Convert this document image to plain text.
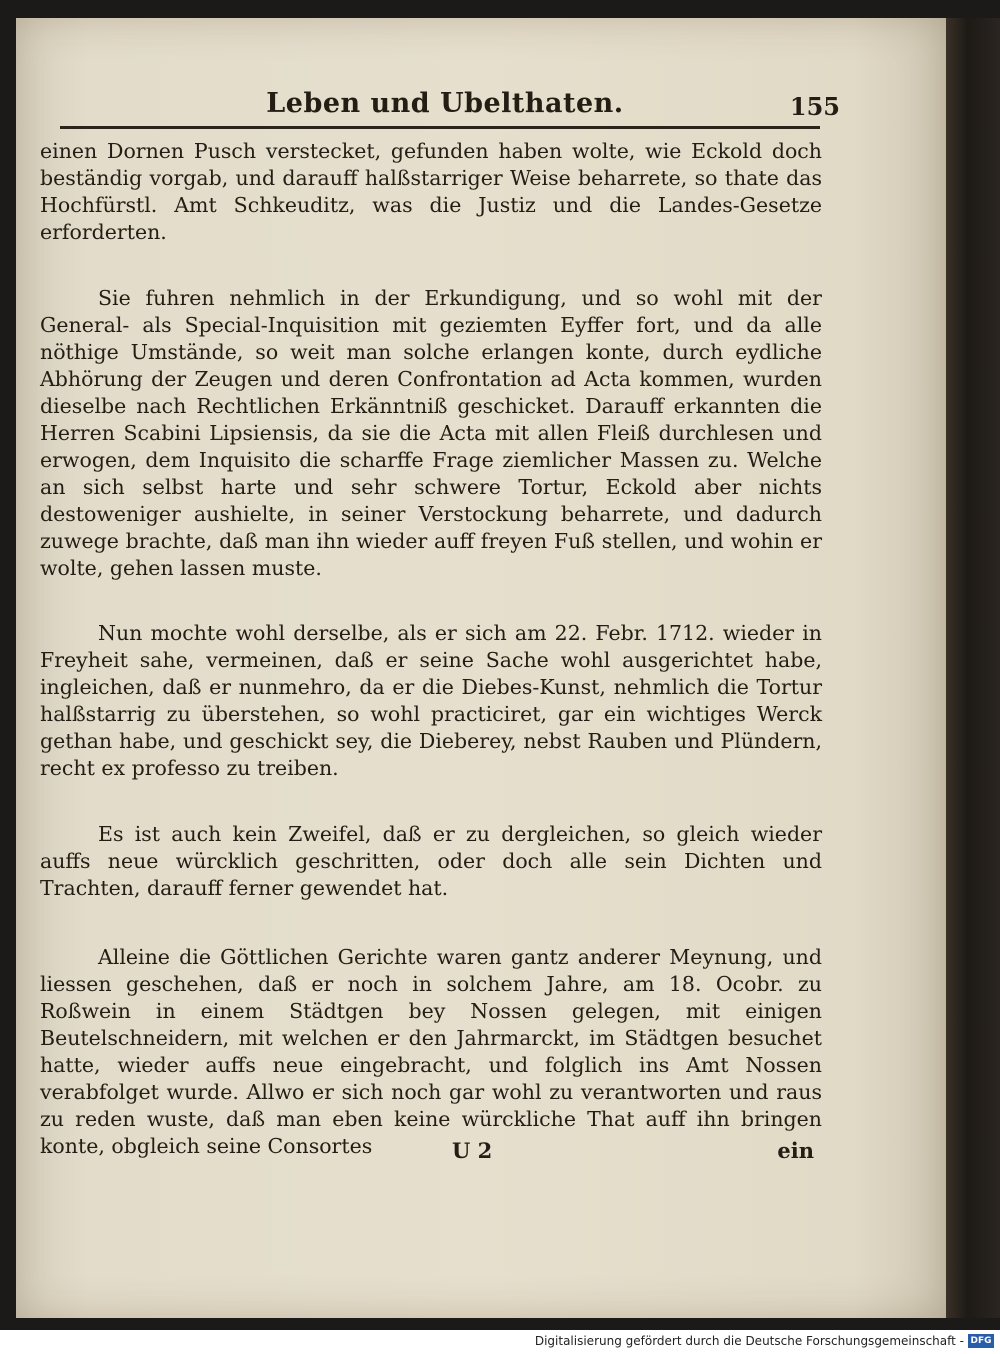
Leben und Ubelthaten.	155

einen Dornen Pusch verstecket, gefunden haben wolte, wie Eckold doch beständig vorgab, und darauff halßstarriger Weise beharrete, so thate das Hochfürstl. Amt Schkeuditz, was die Justiz und die Landes-Gesetze erforderten.

Sie fuhren nehmlich in der Erkundigung, und so wohl mit der General- als Special-Inquisition mit geziemten Eyffer fort, und da alle nöthige Umstände, so weit man solche erlangen konte, durch eydliche Abhörung der Zeugen und deren Confrontation ad Acta kommen, wurden dieselbe nach Rechtlichen Erkänntniß geschicket. Darauff erkannten die Herren Scabini Lipsiensis, da sie die Acta mit allen Fleiß durchlesen und erwogen, dem Inquisito die scharffe Frage ziemlicher Massen zu. Welche an sich selbst harte und sehr schwere Tortur, Eckold aber nichts destoweniger aushielte, in seiner Verstockung beharrete, und dadurch zuwege brachte, daß man ihn wieder auff freyen Fuß stellen, und wohin er wolte, gehen lassen muste.

Nun mochte wohl derselbe, als er sich am 22. Febr. 1712. wieder in Freyheit sahe, vermeinen, daß er seine Sache wohl ausgerichtet habe, ingleichen, daß er nunmehro, da er die Diebes-Kunst, nehmlich die Tortur halßstarrig zu überstehen, so wohl practiciret, gar ein wichtiges Werck gethan habe, und geschickt sey, die Dieberey, nebst Rauben und Plündern, recht ex professo zu treiben.

Es ist auch kein Zweifel, daß er zu dergleichen, so gleich wieder auffs neue würcklich geschritten, oder doch alle sein Dichten und Trachten, darauff ferner gewendet hat.

Alleine die Göttlichen Gerichte waren gantz anderer Meynung, und liessen geschehen, daß er noch in solchem Jahre, am 18. Ocobr. zu Roßwein in einem Städtgen bey Nossen gelegen, mit einigen Beutelschneidern, mit welchen er den Jahrmarckt, im Städtgen besuchet hatte, wieder auffs neue eingebracht, und folglich ins Amt Nossen verabfolget wurde. Allwo er sich noch gar wohl zu verantworten und raus zu reden wuste, daß man eben keine würckliche That auff ihn bringen konte, obgleich seine Consortes	U 2	ein
Digitalisierung gefördert durch die Deutsche Forschungsgemeinschaft - DFG
